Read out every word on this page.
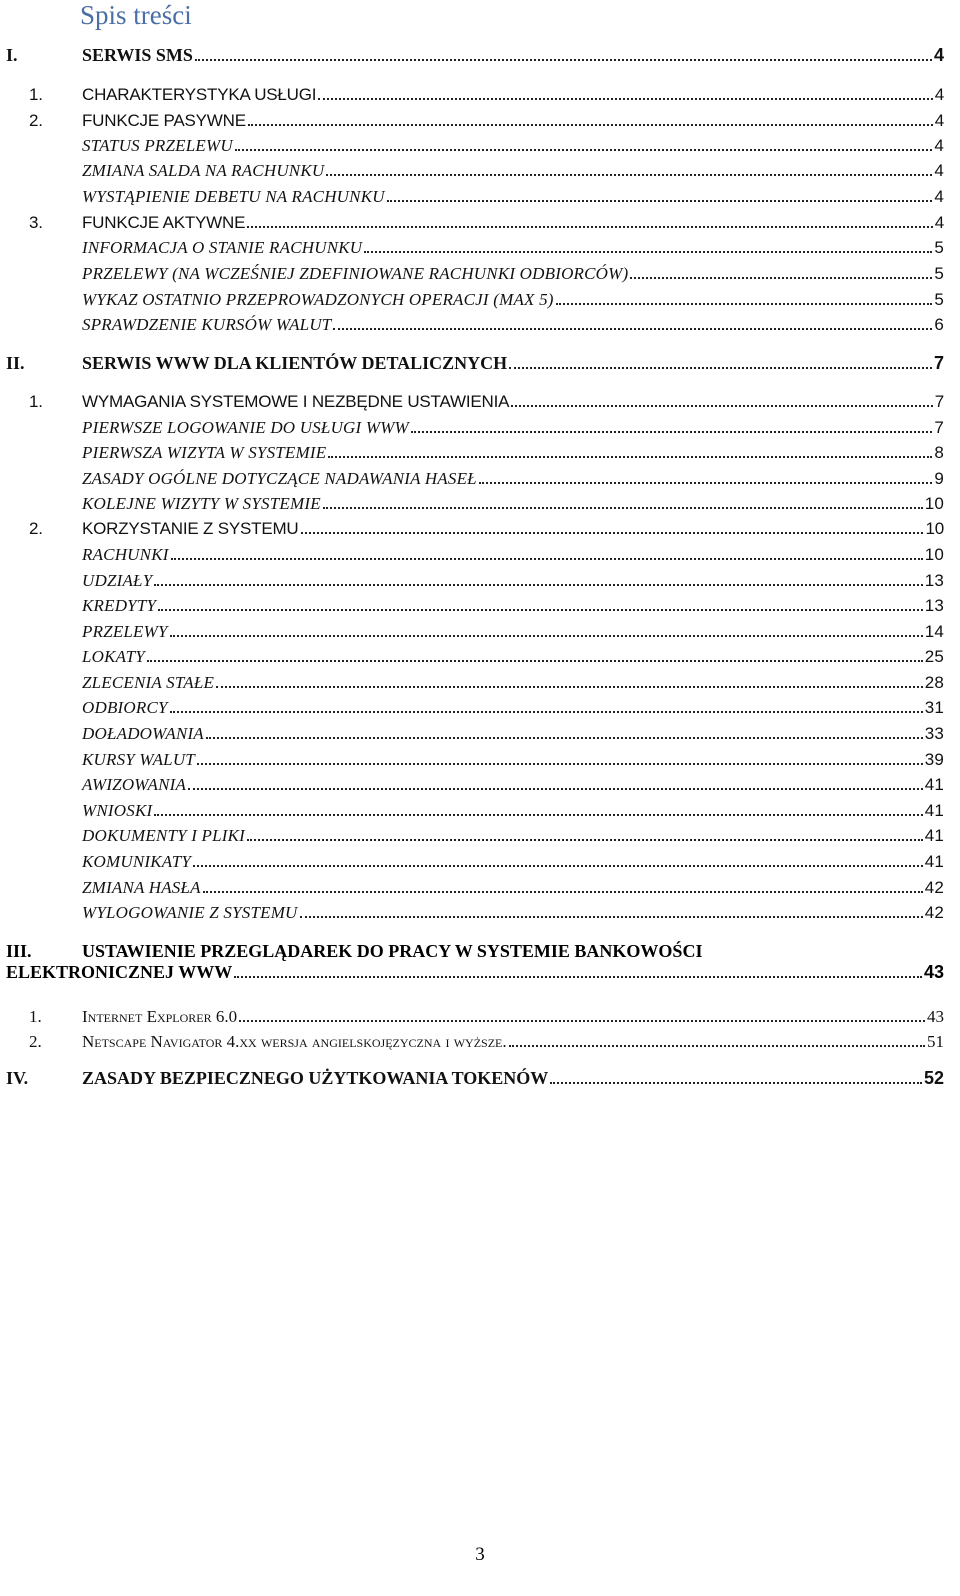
Spis treści
I.	SERWIS SMS	4
1.	CHARAKTERYSTYKA USŁUGI	4
2.	FUNKCJE PASYWNE	4
STATUS PRZELEWU	4
ZMIANA SALDA NA RACHUNKU	4
WYSTĄPIENIE DEBETU NA RACHUNKU	4
3.	FUNKCJE AKTYWNE	4
INFORMACJA O STANIE RACHUNKU	5
PRZELEWY (NA WCZEŚNIEJ ZDEFINIOWANE RACHUNKI ODBIORCÓW)	5
WYKAZ OSTATNIO PRZEPROWADZONYCH OPERACJI (MAX 5)	5
SPRAWDZENIE KURSÓW WALUT	6
II.	SERWIS WWW DLA KLIENTÓW DETALICZNYCH	7
1.	WYMAGANIA SYSTEMOWE I NEZBĘDNE USTAWIENIA	7
PIERWSZE LOGOWANIE DO USŁUGI WWW	7
PIERWSZA WIZYTA W SYSTEMIE	8
ZASADY OGÓLNE DOTYCZĄCE NADAWANIA HASEŁ	9
KOLEJNE WIZYTY W SYSTEMIE	10
2.	KORZYSTANIE Z SYSTEMU	10
RACHUNKI	10
UDZIAŁY	13
KREDYTY	13
PRZELEWY	14
LOKATY	25
ZLECENIA STAŁE	28
ODBIORCY	31
DOŁADOWANIA	33
KURSY WALUT	39
AWIZOWANIA	41
WNIOSKI	41
DOKUMENTY I PLIKI	41
KOMUNIKATY	41
ZMIANA HASŁA	42
WYLOGOWANIE Z SYSTEMU	42
III.	USTAWIENIE PRZEGLĄDAREK DO PRACY W SYSTEMIE BANKOWOŚCI
ELEKTRONICZNEJ WWW	43
1.	Internet Explorer 6.0	43
2.	Netscape Navigator 4.xx wersja angielskojęzyczna i wyższe.	51
IV.	ZASADY BEZPIECZNEGO UŻYTKOWANIA TOKENÓW	52
3
